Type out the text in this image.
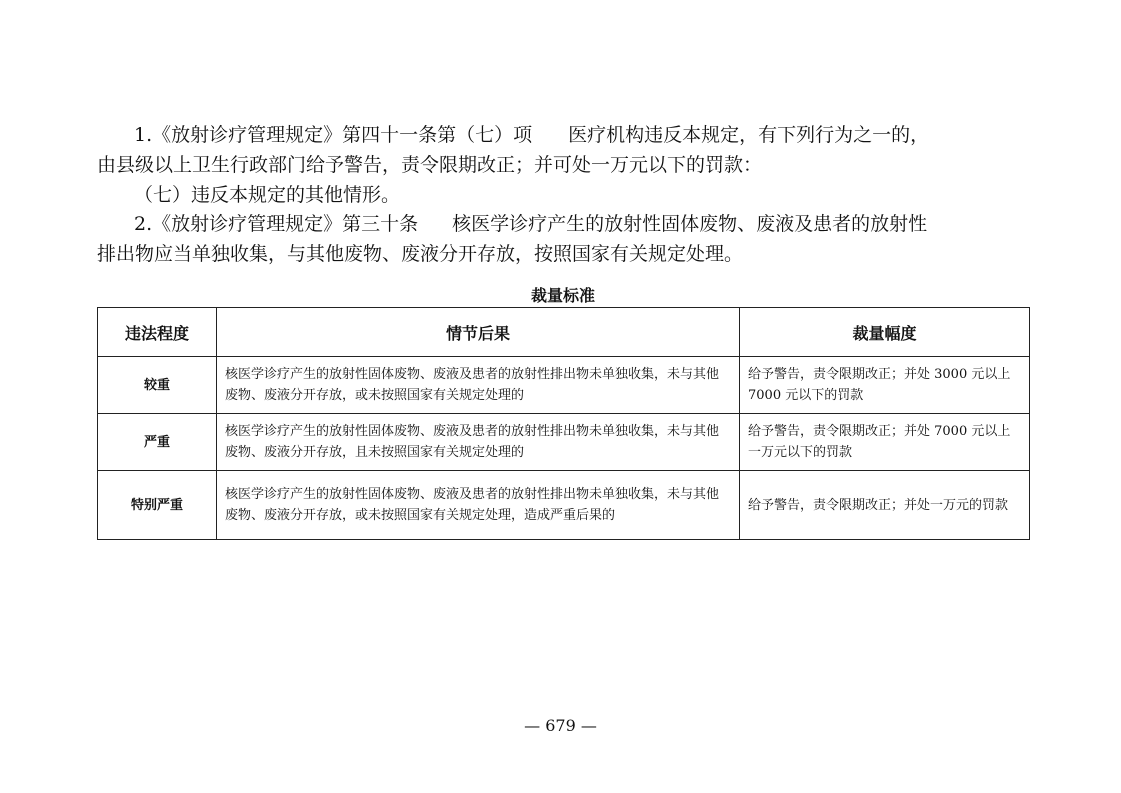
1.《放射诊疗管理规定》第四十一条第（七）项 医疗机构违反本规定，有下列行为之一的，

由县级以上卫生行政部门给予警告，责令限期改正；并可处一万元以下的罚款：

（七）违反本规定的其他情形。

2.《放射诊疗管理规定》第三十条 核医学诊疗产生的放射性固体废物、废液及患者的放射性

排出物应当单独收集，与其他废物、废液分开存放，按照国家有关规定处理。

裁量标准
违法程度	情节后果	裁量幅度
较重	核医学诊疗产生的放射性固体废物、废液及患者的放射性排出物未单独收集，未与其他废物、废液分开存放，或未按照国家有关规定处理的	给予警告，责令限期改正；并处 3000 元以上 7000 元以下的罚款
严重	核医学诊疗产生的放射性固体废物、废液及患者的放射性排出物未单独收集，未与其他废物、废液分开存放，且未按照国家有关规定处理的	给予警告，责令限期改正；并处 7000 元以上一万元以下的罚款
特别严重	核医学诊疗产生的放射性固体废物、废液及患者的放射性排出物未单独收集，未与其他废物、废液分开存放，或未按照国家有关规定处理，造成严重后果的	给予警告，责令限期改正；并处一万元的罚款
— 679 —
